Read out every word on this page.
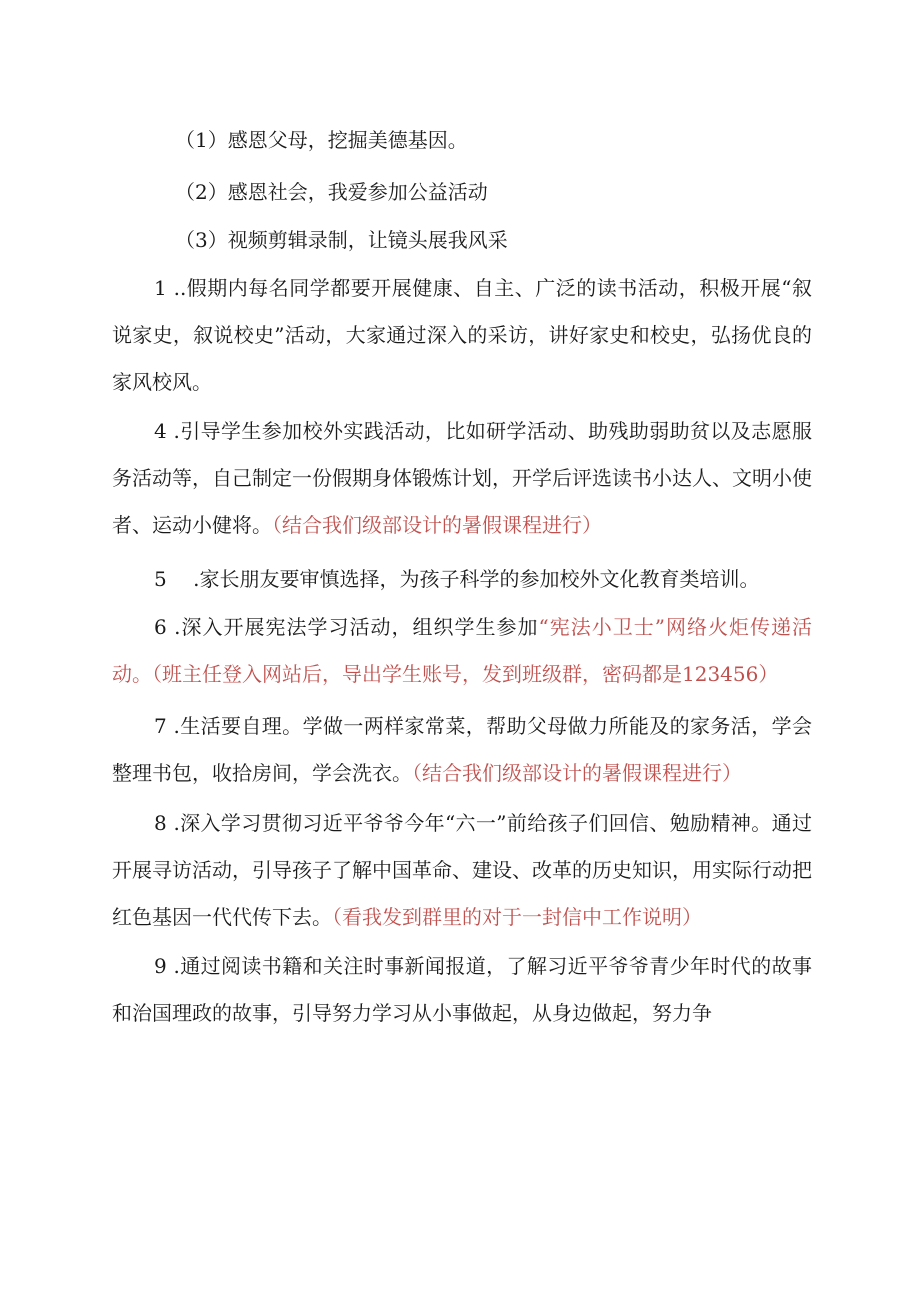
（1）感恩父母，挖掘美德基因。
（2）感恩社会，我爱参加公益活动
（3）视频剪辑录制，让镜头展我风采
1 ..假期内每名同学都要开展健康、自主、广泛的读书活动，积极开展“叙说家史，叙说校史”活动，大家通过深入的采访，讲好家史和校史，弘扬优良的家风校风。
4 .引导学生参加校外实践活动，比如研学活动、助残助弱助贫以及志愿服务活动等，自己制定一份假期身体锻炼计划，开学后评选读书小达人、文明小使者、运动小健将。（结合我们级部设计的暑假课程进行）
5 　.家长朋友要审慎选择，为孩子科学的参加校外文化教育类培训。
6 .深入开展宪法学习活动，组织学生参加“宪法小卫士”网络火炬传递活动。（班主任登入网站后，导出学生账号，发到班级群，密码都是123456）
7 .生活要自理。学做一两样家常菜，帮助父母做力所能及的家务活，学会整理书包，收拾房间，学会洗衣。（结合我们级部设计的暑假课程进行）
8 .深入学习贯彻习近平爷爷今年“六一”前给孩子们回信、勉励精神。通过开展寻访活动，引导孩子了解中国革命、建设、改革的历史知识，用实际行动把红色基因一代代传下去。（看我发到群里的对于一封信中工作说明）
9 .通过阅读书籍和关注时事新闻报道，了解习近平爷爷青少年时代的故事和治国理政的故事，引导努力学习从小事做起，从身边做起，努力争
